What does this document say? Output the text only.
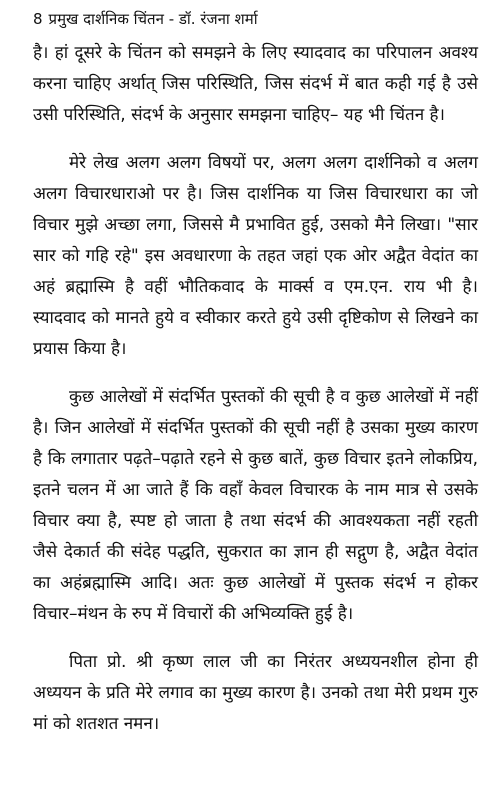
8 प्रमुख दार्शनिक चिंतन - डॉ. रंजना शर्मा

है। हां दूसरे के चिंतन को समझने के लिए स्यादवाद का परिपालन अवश्य करना चाहिए अर्थात् जिस परिस्थिति, जिस संदर्भ में बात कही गई है उसे उसी परिस्थिति, संदर्भ के अनुसार समझना चाहिए– यह भी चिंतन है।

मेरे लेख अलग अलग विषयों पर, अलग अलग दार्शनिको व अलग अलग विचारधाराओ पर है। जिस दार्शनिक या जिस विचारधारा का जो विचार मुझे अच्छा लगा, जिससे मै प्रभावित हुई, उसको मैने लिखा। "सार सार को गहि रहे" इस अवधारणा के तहत जहां एक ओर अद्वैत वेदांत का अहं ब्रह्मास्मि है वहीं भौतिकवाद के मार्क्स व एम.एन. राय भी है। स्यादवाद को मानते हुये व स्वीकार करते हुये उसी दृष्टिकोण से लिखने का प्रयास किया है।

कुछ आलेखों में संदर्भित पुस्तकों की सूची है व कुछ आलेखों में नहीं है। जिन आलेखों में संदर्भित पुस्तकों की सूची नहीं है उसका मुख्य कारण है कि लगातार पढ़ते–पढ़ाते रहने से कुछ बातें, कुछ विचार इतने लोकप्रिय, इतने चलन में आ जाते हैं कि वहाँ केवल विचारक के नाम मात्र से उसके विचार क्या है, स्पष्ट हो जाता है तथा संदर्भ की आवश्यकता नहीं रहती जैसे देकार्त की संदेह पद्धति, सुकरात का ज्ञान ही सद्गुण है, अद्वैत वेदांत का अहंब्रह्मास्मि आदि। अतः कुछ आलेखों में पुस्तक संदर्भ न होकर विचार–मंथन के रुप में विचारों की अभिव्यक्ति हुई है।

पिता प्रो. श्री कृष्ण लाल जी का निरंतर अध्ययनशील होना ही अध्ययन के प्रति मेरे लगाव का मुख्य कारण है। उनको तथा मेरी प्रथम गुरु मां को शतशत नमन।
